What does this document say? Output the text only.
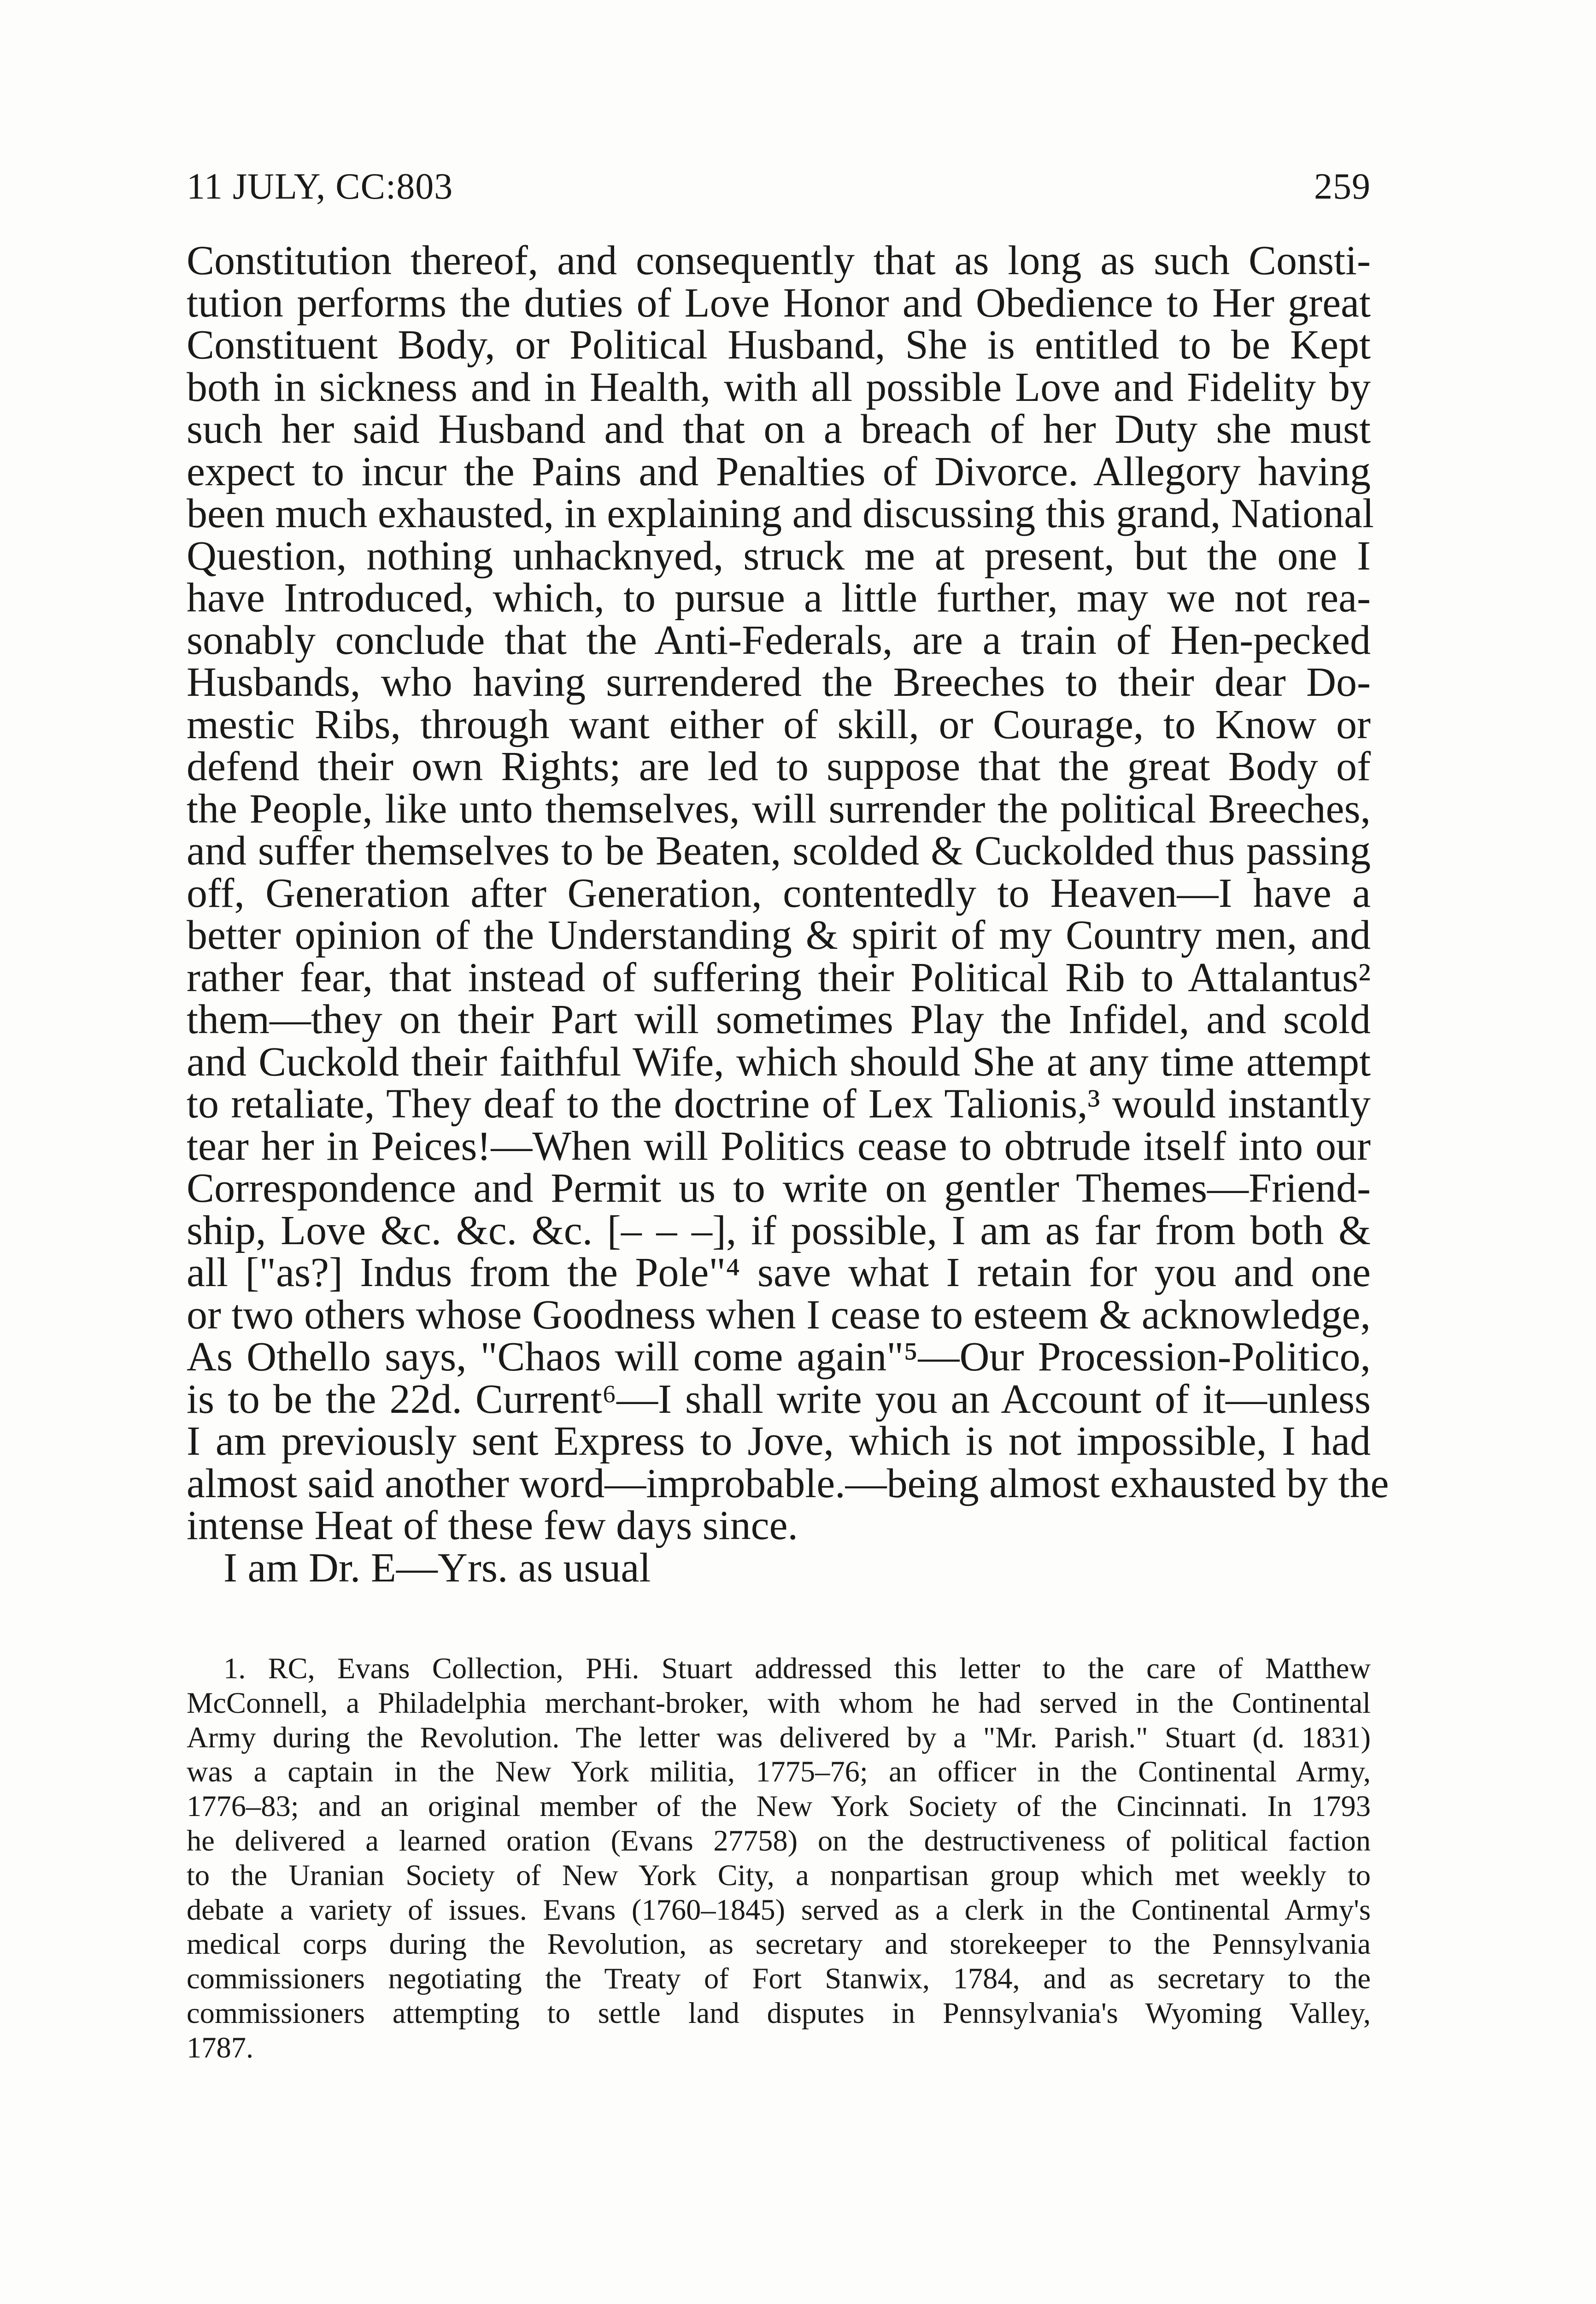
11 JULY, CC:803	259
Constitution thereof, and consequently that as long as such Consti-
tution performs the duties of Love Honor and Obedience to Her great
Constituent Body, or Political Husband, She is entitled to be Kept
both in sickness and in Health, with all possible Love and Fidelity by
such her said Husband and that on a breach of her Duty she must
expect to incur the Pains and Penalties of Divorce. Allegory having
been much exhausted, in explaining and discussing this grand, National
Question, nothing unhacknyed, struck me at present, but the one I
have Introduced, which, to pursue a little further, may we not rea-
sonably conclude that the Anti-Federals, are a train of Hen-pecked
Husbands, who having surrendered the Breeches to their dear Do-
mestic Ribs, through want either of skill, or Courage, to Know or
defend their own Rights; are led to suppose that the great Body of
the People, like unto themselves, will surrender the political Breeches,
and suffer themselves to be Beaten, scolded & Cuckolded thus passing
off, Generation after Generation, contentedly to Heaven—I have a
better opinion of the Understanding & spirit of my Country men, and
rather fear, that instead of suffering their Political Rib to Attalantus²
them—they on their Part will sometimes Play the Infidel, and scold
and Cuckold their faithful Wife, which should She at any time attempt
to retaliate, They deaf to the doctrine of Lex Talionis,³ would instantly
tear her in Peices!—When will Politics cease to obtrude itself into our
Correspondence and Permit us to write on gentler Themes—Friend-
ship, Love &c. &c. &c. [– – –], if possible, I am as far from both &
all ["as?] Indus from the Pole"⁴ save what I retain for you and one
or two others whose Goodness when I cease to esteem & acknowledge,
As Othello says, "Chaos will come again"⁵—Our Procession-Politico,
is to be the 22d. Current⁶—I shall write you an Account of it—unless
I am previously sent Express to Jove, which is not impossible, I had
almost said another word—improbable.—being almost exhausted by the
intense Heat of these few days since.
I am Dr. E—Yrs. as usual
1. RC, Evans Collection, PHi. Stuart addressed this letter to the care of Matthew
McConnell, a Philadelphia merchant-broker, with whom he had served in the Continental
Army during the Revolution. The letter was delivered by a "Mr. Parish." Stuart (d. 1831)
was a captain in the New York militia, 1775–76; an officer in the Continental Army,
1776–83; and an original member of the New York Society of the Cincinnati. In 1793
he delivered a learned oration (Evans 27758) on the destructiveness of political faction
to the Uranian Society of New York City, a nonpartisan group which met weekly to
debate a variety of issues. Evans (1760–1845) served as a clerk in the Continental Army's
medical corps during the Revolution, as secretary and storekeeper to the Pennsylvania
commissioners negotiating the Treaty of Fort Stanwix, 1784, and as secretary to the
commissioners attempting to settle land disputes in Pennsylvania's Wyoming Valley,
1787.
